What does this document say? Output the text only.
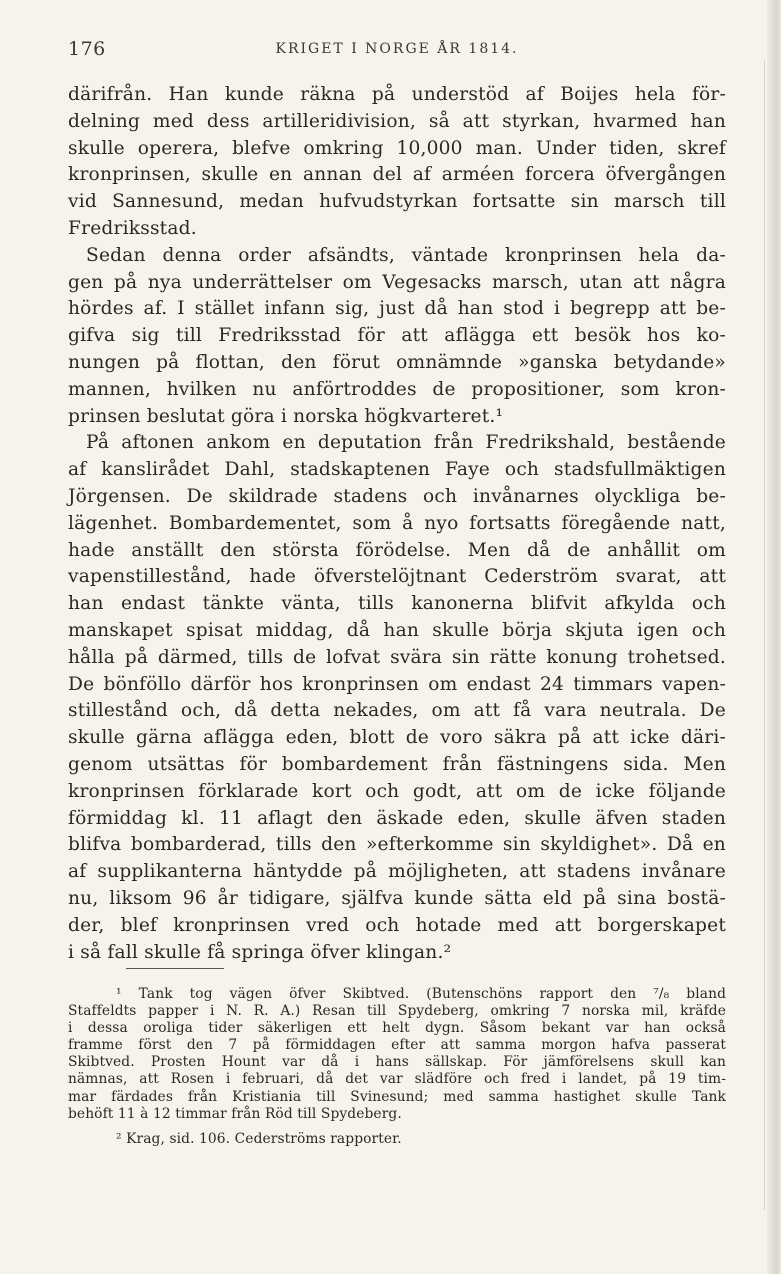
176	KRIGET I NORGE ÅR 1814.

därifrån. Han kunde räkna på understöd af Boijes hela för-

delning med dess artilleridivision, så att styrkan, hvarmed han

skulle operera, blefve omkring 10,000 man. Under tiden, skref

kronprinsen, skulle en annan del af arméen forcera öfvergången

vid Sannesund, medan hufvudstyrkan fortsatte sin marsch till

Fredriksstad.

Sedan denna order afsändts, väntade kronprinsen hela da-

gen på nya underrättelser om Vegesacks marsch, utan att några

hördes af. I stället infann sig, just då han stod i begrepp att be-

gifva sig till Fredriksstad för att aflägga ett besök hos ko-

nungen på flottan, den förut omnämnde »ganska betydande»

mannen, hvilken nu anförtroddes de propositioner, som kron-

prinsen beslutat göra i norska högkvarteret.¹

På aftonen ankom en deputation från Fredrikshald, bestående

af kanslirådet Dahl, stadskaptenen Faye och stadsfullmäktigen

Jörgensen. De skildrade stadens och invånarnes olyckliga be-

lägenhet. Bombardementet, som å nyo fortsatts föregående natt,

hade anställt den största förödelse. Men då de anhållit om

vapenstillestånd, hade öfverstelöjtnant Cederström svarat, att

han endast tänkte vänta, tills kanonerna blifvit afkylda och

manskapet spisat middag, då han skulle börja skjuta igen och

hålla på därmed, tills de lofvat svära sin rätte konung trohetsed.

De bönföllo därför hos kronprinsen om endast 24 timmars vapen-

stillestånd och, då detta nekades, om att få vara neutrala. De

skulle gärna aflägga eden, blott de voro säkra på att icke däri-

genom utsättas för bombardement från fästningens sida. Men

kronprinsen förklarade kort och godt, att om de icke följande

förmiddag kl. 11 aflagt den äskade eden, skulle äfven staden

blifva bombarderad, tills den »efterkomme sin skyldighet». Då en

af supplikanterna häntydde på möjligheten, att stadens invånare

nu, liksom 96 år tidigare, själfva kunde sätta eld på sina bostä-

der, blef kronprinsen vred och hotade med att borgerskapet

i så fall skulle få springa öfver klingan.²

¹ Tank tog vägen öfver Skibtved. (Butenschöns rapport den ⁷/₈ bland

Staffeldts papper i N. R. A.) Resan till Spydeberg, omkring 7 norska mil, kräfde

i dessa oroliga tider säkerligen ett helt dygn. Såsom bekant var han också

framme först den 7 på förmiddagen efter att samma morgon hafva passerat

Skibtved. Prosten Hount var då i hans sällskap. För jämförelsens skull kan

nämnas, att Rosen i februari, då det var slädföre och fred i landet, på 19 tim-

mar färdades från Kristiania till Svinesund; med samma hastighet skulle Tank

behöft 11 à 12 timmar från Röd till Spydeberg.

² Krag, sid. 106. Cederströms rapporter.
